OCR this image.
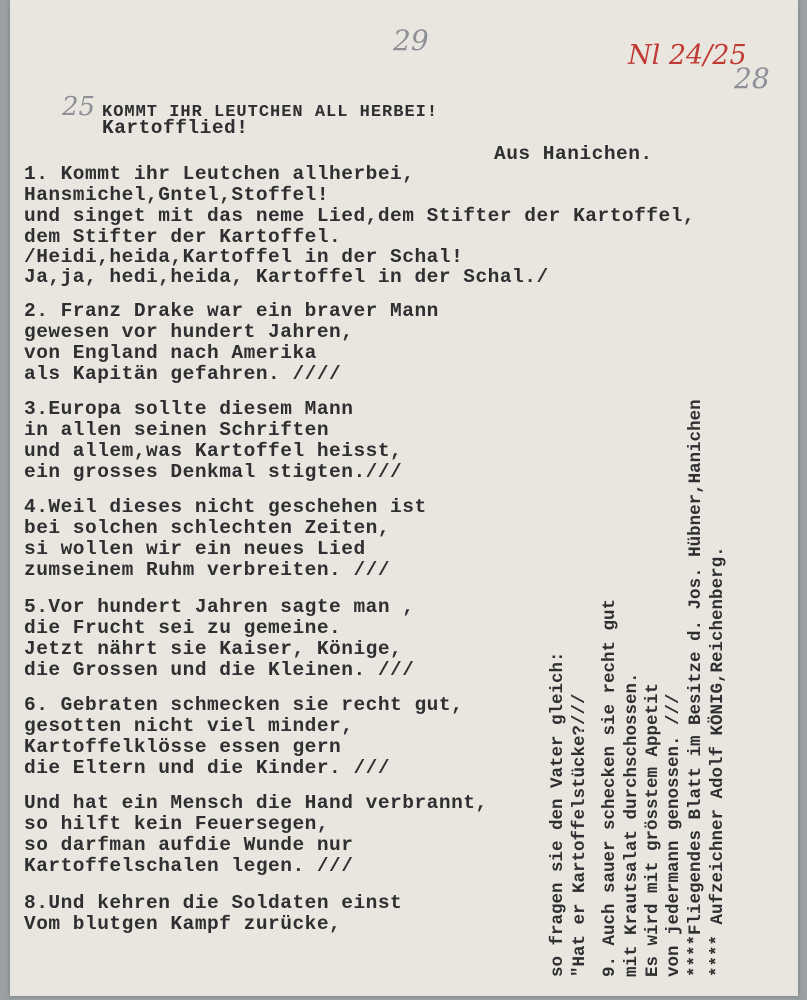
29	Nl 24/25
28
25 KOMMT IHR LEUTCHEN ALL HERBEI!
Kartofflied!
Aus Hanichen.
1. Kommt ihr Leutchen allherbei,
Hansmichel,Gntel,Stoffel!
und singet mit das neme Lied,dem Stifter der Kartoffel,
dem Stifter der Kartoffel.
/Heidi,heida,Kartoffel in der Schal!
Ja,ja, hedi,heida, Kartoffel in der Schal./
2. Franz Drake war ein braver Mann
gewesen vor hundert Jahren,
von England nach Amerika
als Kapitän gefahren. ////
3.Europa sollte diesem Mann
in allen seinen Schriften
und allem,was Kartoffel heisst,
ein grosses Denkmal stigten.///
4.Weil dieses nicht geschehen ist
bei solchen schlechten Zeiten,
si wollen wir ein neues Lied
zumseinem Ruhm verbreiten. ///
5.Vor hundert Jahren sagte man ,
die Frucht sei zu gemeine.
Jetzt nährt sie Kaiser, Könige,
die Grossen und die Kleinen. ///
6. Gebraten schmecken sie recht gut,
gesotten nicht viel minder,
Kartoffelklösse essen gern
die Eltern und die Kinder. ///
Und hat ein Mensch die Hand verbrannt,
so hilft kein Feuersegen,
so darfman aufdie Wunde nur
Kartoffelschalen legen. ///
8.Und kehren die Soldaten einst
Vom blutgen Kampf zurücke,	so fragen sie den Vater gleich: "Hat er Kartoffelstücke?/// 9. Auch sauer schecken sie recht gut mit Krautsalat durchschossen. Es wird mit grösstem Appetit von jedermann genossen. /// ****Fliegendes Blatt im Besitze d. Jos. Hübner,Hanichen **** Aufzeichner Adolf KÖNIG,Reichenberg.
